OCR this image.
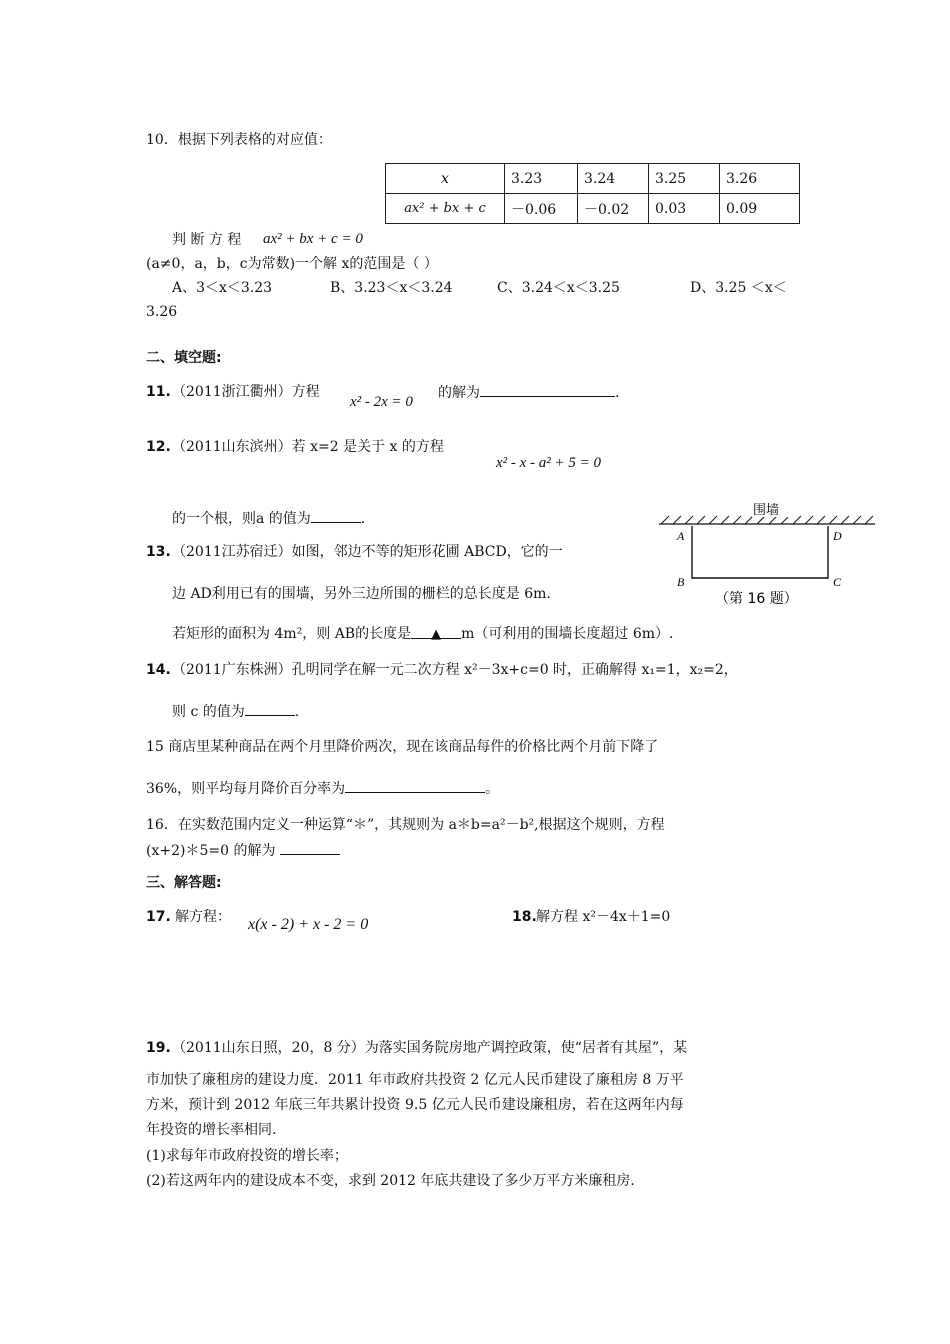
10．根据下列表格的对应值：
x	3.23	3.24	3.25	3.26
ax² + bx + c	－0.06	－0.02	0.03	0.09
判 断 方 程 ax² + bx + c = 0
(a≠0，a，b，c为常数)一个解 x的范围是（ ）
A、3＜x＜3.23	B、3.23＜x＜3.24	C、3.24＜x＜3.25	D、3.25 ＜x＜
3.26
二、填空题:
11. （2011浙江衢州）方程
x² - 2x = 0
的解为	.
12. （2011山东滨州）若 x=2 是关于 x 的方程
x² - x - a² + 5 = 0
的一个根，则a 的值为	.
13. （2011江苏宿迁）如图，邻边不等的矩形花圃 ABCD，它的一
边 AD利用已有的围墙，另外三边所围的栅栏的总长度是 6m.
若矩形的面积为 4m²，则 AB的长度是 ▲ m（可利用的围墙长度超过 6m）.
围墙
A
B	C
D
（第 16 题）
14. （2011广东株洲）孔明同学在解一元二次方程 x²－3x+c=0 时，正确解得 x₁=1，x₂=2，
则 c 的值为	.
15 商店里某种商品在两个月里降价两次，现在该商品每件的价格比两个月前下降了
36%，则平均每月降价百分率为	。
16．在实数范围内定义一种运算“＊”，其规则为 a＊b=a²－b²,根据这个规则，方程
(x+2)＊5=0 的解为
三、解答题:
17. 解方程： x(x - 2) + x - 2 = 0	18. 解方程 x²－4x＋1=0
19. （2011山东日照，20，8 分）为落实国务院房地产调控政策，使“居者有其屋”，某
市加快了廉租房的建设力度．2011 年市政府共投资 2 亿元人民币建设了廉租房 8 万平
方米，预计到 2012 年底三年共累计投资 9.5 亿元人民币建设廉租房，若在这两年内每
年投资的增长率相同.
(1)求每年市政府投资的增长率；
(2)若这两年内的建设成本不变，求到 2012 年底共建设了多少万平方米廉租房.
